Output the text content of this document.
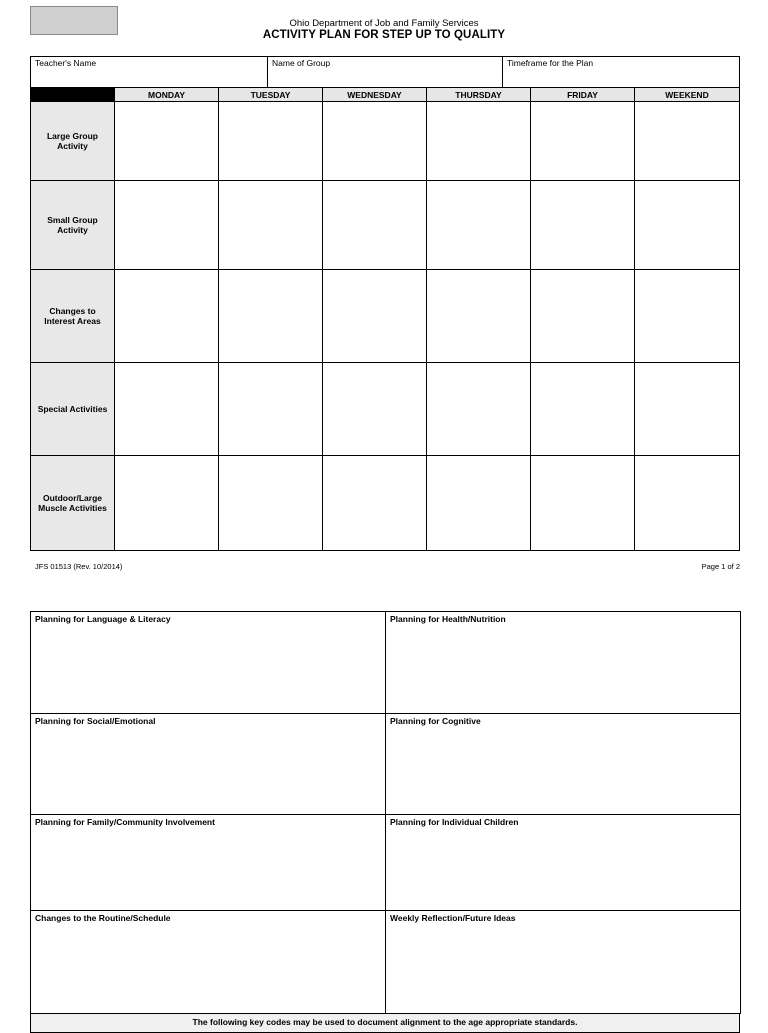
Ohio Department of Job and Family Services
ACTIVITY PLAN FOR STEP UP TO QUALITY
Teacher's Name	Name of Group	Timeframe for the Plan
	MONDAY	TUESDAY	WEDNESDAY	THURSDAY	FRIDAY	WEEKEND
Large Group Activity						
Small Group Activity						
Changes to Interest Areas						
Special Activities						
Outdoor/Large Muscle Activities						
JFS 01513 (Rev. 10/2014)	Page 1 of 2
Planning for Language & Literacy	Planning for Health/Nutrition
Planning for Social/Emotional	Planning for Cognitive
Planning for Family/Community Involvement	Planning for Individual Children
Changes to the Routine/Schedule	Weekly Reflection/Future Ideas
The following key codes may be used to document alignment to the age appropriate standards.
